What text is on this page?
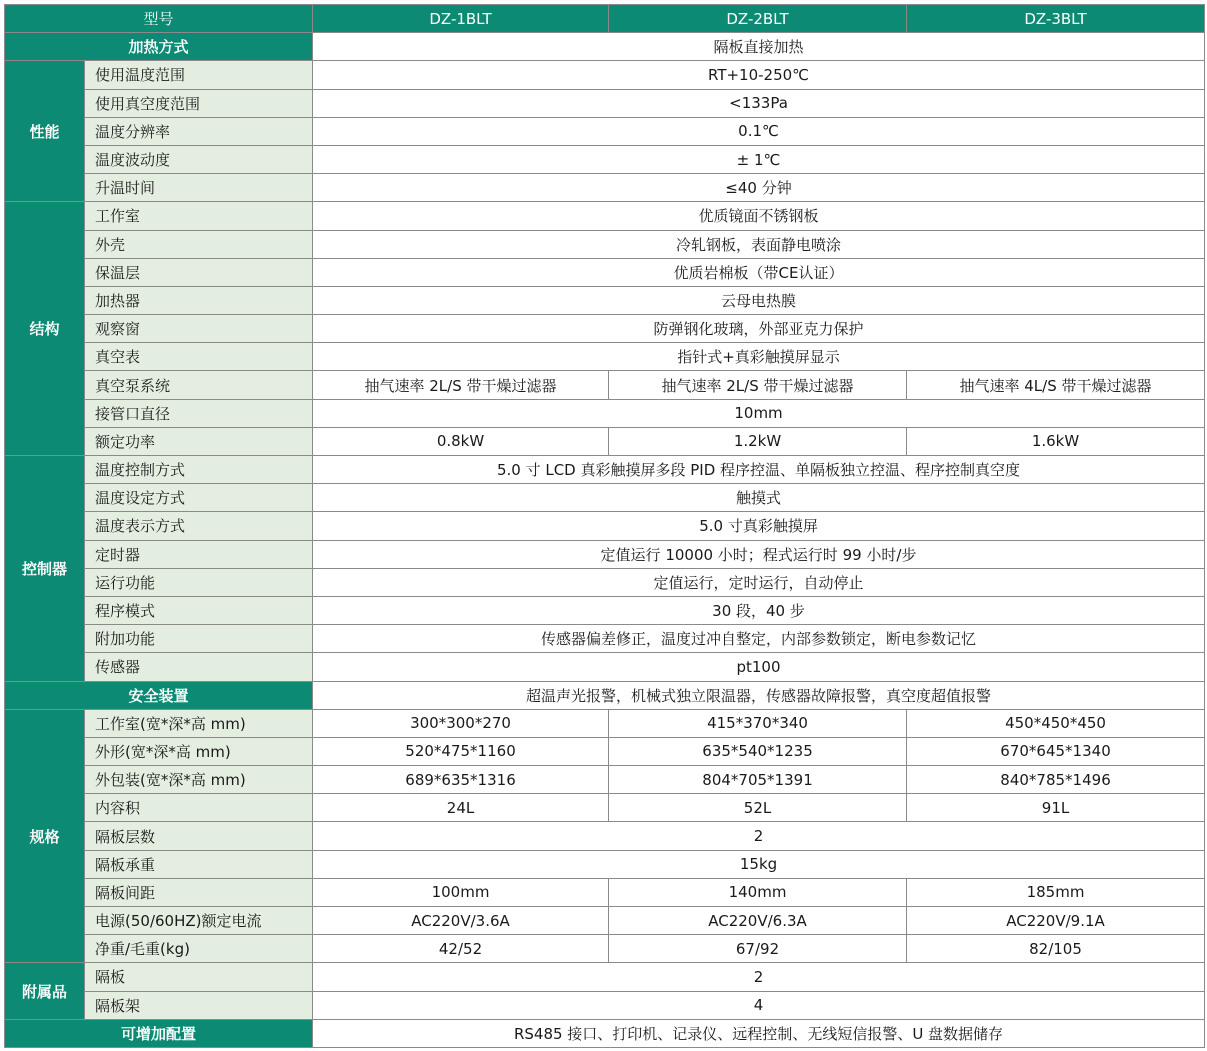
型号		DZ-1BLT	DZ-2BLT	DZ-3BLT
加热方式		隔板直接加热		
性能	使用温度范围	RT+10-250℃		
	使用真空度范围	<133Pa		
	温度分辨率	0.1℃		
	温度波动度	± 1℃		
	升温时间	≤40 分钟		
结构	工作室	优质镜面不锈钢板		
	外壳	冷轧钢板，表面静电喷涂		
	保温层	优质岩棉板（带CE认证）		
	加热器	云母电热膜		
	观察窗	防弹钢化玻璃，外部亚克力保护		
	真空表	指针式+真彩触摸屏显示		
	真空泵系统	抽气速率 2L/S 带干燥过滤器	抽气速率 2L/S 带干燥过滤器	抽气速率 4L/S 带干燥过滤器
	接管口直径	10mm		
	额定功率	0.8kW	1.2kW	1.6kW
控制器	温度控制方式	5.0 寸 LCD 真彩触摸屏多段 PID 程序控温、单隔板独立控温、程序控制真空度		
	温度设定方式	触摸式		
	温度表示方式	5.0 寸真彩触摸屏		
	定时器	定值运行 10000 小时；程式运行时 99 小时/步		
	运行功能	定值运行，定时运行，自动停止		
	程序模式	30 段，40 步		
	附加功能	传感器偏差修正，温度过冲自整定，内部参数锁定，断电参数记忆		
	传感器	pt100		
安全装置		超温声光报警，机械式独立限温器，传感器故障报警，真空度超值报警		
规格	工作室(宽*深*高 mm)	300*300*270	415*370*340	450*450*450
	外形(宽*深*高 mm)	520*475*1160	635*540*1235	670*645*1340
	外包装(宽*深*高 mm)	689*635*1316	804*705*1391	840*785*1496
	内容积	24L	52L	91L
	隔板层数	2		
	隔板承重	15kg		
	隔板间距	100mm	140mm	185mm
	电源(50/60HZ)额定电流	AC220V/3.6A	AC220V/6.3A	AC220V/9.1A
	净重/毛重(kg)	42/52	67/92	82/105
附属品	隔板	2		
	隔板架	4		
可增加配置		RS485 接口、打印机、记录仪、远程控制、无线短信报警、U 盘数据储存		
